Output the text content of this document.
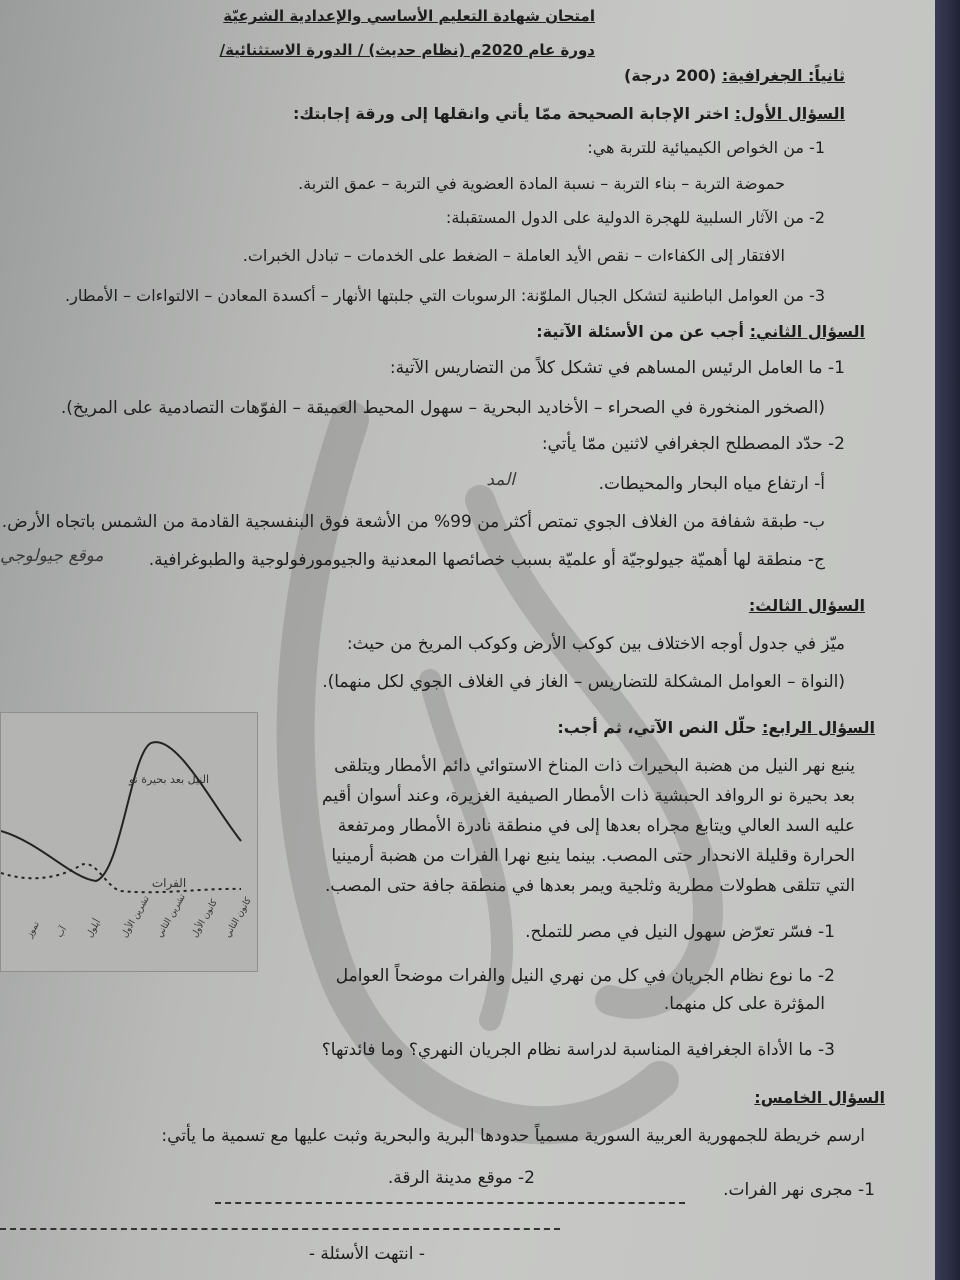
امتحان شهادة التعليم الأساسي والإعدادية الشرعيّة
دورة عام 2020م (نظام حديث) / الدورة الاستثنائية/
ثانياً: الجغرافية: (200 درجة)
السؤال الأول: اختر الإجابة الصحيحة ممّا يأتي وانقلها إلى ورقة إجابتك:
1- من الخواص الكيميائية للتربة هي:
حموضة التربة – بناء التربة – نسبة المادة العضوية في التربة – عمق التربة.
2- من الآثار السلبية للهجرة الدولية على الدول المستقبلة:
الافتقار إلى الكفاءات – نقص الأيد العاملة – الضغط على الخدمات – تبادل الخبرات.
3- من العوامل الباطنية لتشكل الجبال الملوّنة: الرسوبات التي جلبتها الأنهار – أكسدة المعادن – الالتواءات – الأمطار.
السؤال الثاني: أجب عن من الأسئلة الآتية:
1- ما العامل الرئيس المساهم في تشكل كلاً من التضاريس الآتية:
(الصخور المنخورة في الصحراء – الأخاديد البحرية – سهول المحيط العميقة – الفوّهات التصادمية على المريخ).
2- حدّد المصطلح الجغرافي لاثنين ممّا يأتي:
أ- ارتفاع مياه البحار والمحيطات.
المد
ب- طبقة شفافة من الغلاف الجوي تمتص أكثر من 99% من الأشعة فوق البنفسجية القادمة من الشمس باتجاه الأرض.
ج- منطقة لها أهميّة جيولوجيّة أو علميّة بسبب خصائصها المعدنية والجيومورفولوجية والطبوغرافية.
موقع جيولوجي
السؤال الثالث:
ميّز في جدول أوجه الاختلاف بين كوكب الأرض وكوكب المريخ من حيث:
(النواة – العوامل المشكلة للتضاريس – الغاز في الغلاف الجوي لكل منهما).
السؤال الرابع: حلّل النص الآتي، ثم أجب:
ينبع نهر النيل من هضبة البحيرات ذات المناخ الاستوائي دائم الأمطار ويتلقى
بعد بحيرة نو الروافد الحبشية ذات الأمطار الصيفية الغزيرة، وعند أسوان أقيم
عليه السد العالي ويتابع مجراه بعدها إلى في منطقة نادرة الأمطار ومرتفعة
الحرارة وقليلة الانحدار حتى المصب. بينما ينبع نهرا الفرات من هضبة أرمينيا
التي تتلقى هطولات مطرية وثلجية ويمر بعدها في منطقة جافة حتى المصب.
1- فسّر تعرّض سهول النيل في مصر للتملح.
2- ما نوع نظام الجريان في كل من نهري النيل والفرات موضحاً العوامل
المؤثرة على كل منهما.
3- ما الأداة الجغرافية المناسبة لدراسة نظام الجريان النهري؟ وما فائدتها؟
النيل بعد بحيرة نو
الفرات
تموز آب أيلول تشرين الأول تشرين الثاني كانون الأول كانون الثاني
السؤال الخامس:
ارسم خريطة للجمهورية العربية السورية مسمياً حدودها البرية والبحرية وثبت عليها مع تسمية ما يأتي:
2- موقع مدينة الرقة.
1- مجرى نهر الفرات.
- انتهت الأسئلة -
